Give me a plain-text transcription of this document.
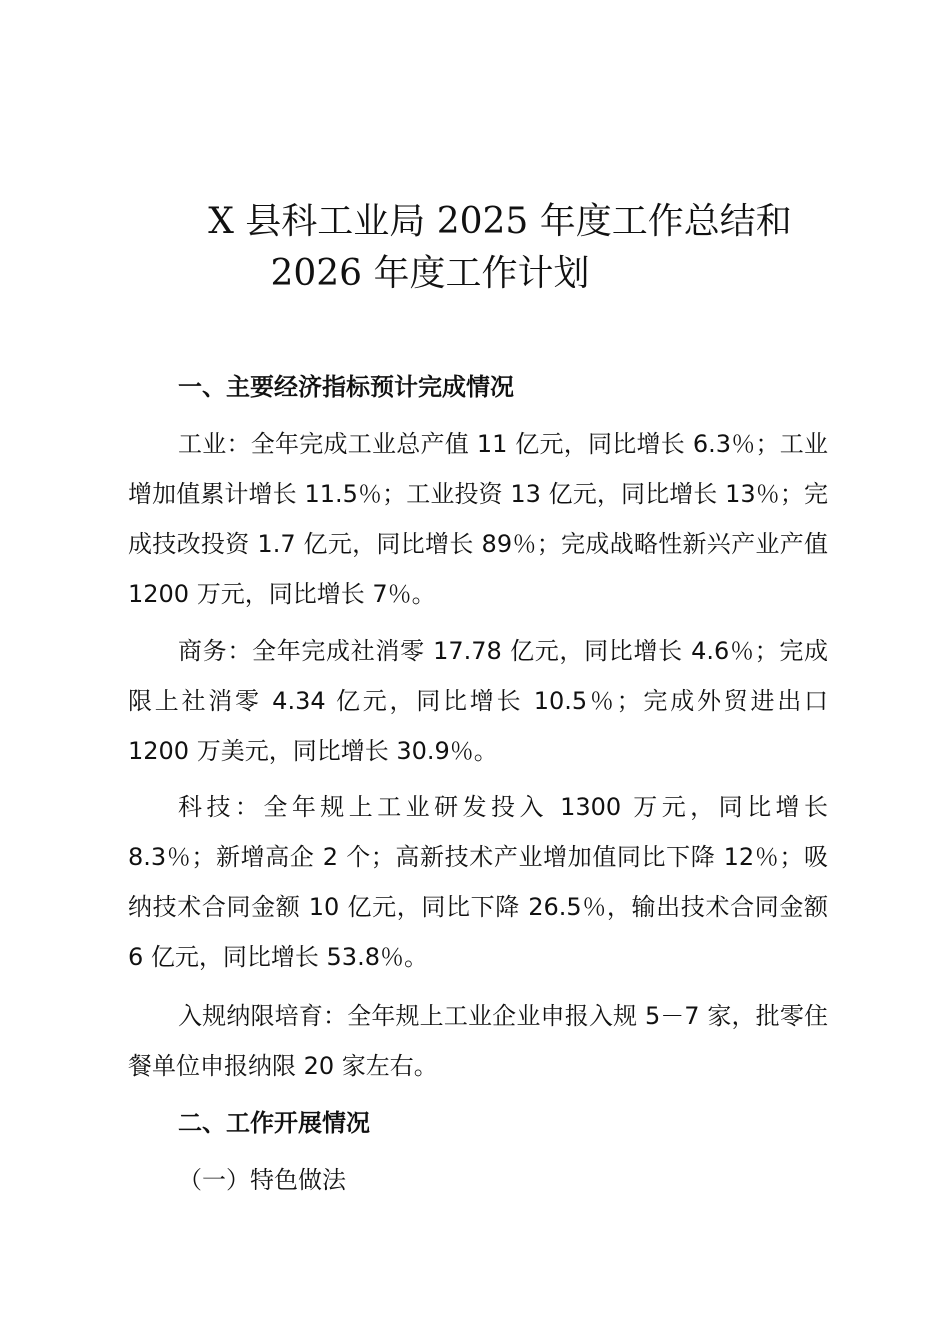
X 县科工业局 2025 年度工作总结和
2026 年度工作计划
一、主要经济指标预计完成情况

工业：全年完成工业总产值 11 亿元，同比增长 6.3％；工业增加值累计增长 11.5％；工业投资 13 亿元，同比增长 13％；完成技改投资 1.7 亿元，同比增长 89％；完成战略性新兴产业产值 1200 万元，同比增长 7％。

商务：全年完成社消零 17.78 亿元，同比增长 4.6％；完成限上社消零 4.34 亿元，同比增长 10.5％；完成外贸进出口 1200 万美元，同比增长 30.9％。

科技：全年规上工业研发投入 1300 万元，同比增长 8.3％；新增高企 2 个；高新技术产业增加值同比下降 12％；吸纳技术合同金额 10 亿元，同比下降 26.5％，输出技术合同金额 6 亿元，同比增长 53.8％。

入规纳限培育：全年规上工业企业申报入规 5－7 家，批零住餐单位申报纳限 20 家左右。

二、工作开展情况
（一）特色做法
